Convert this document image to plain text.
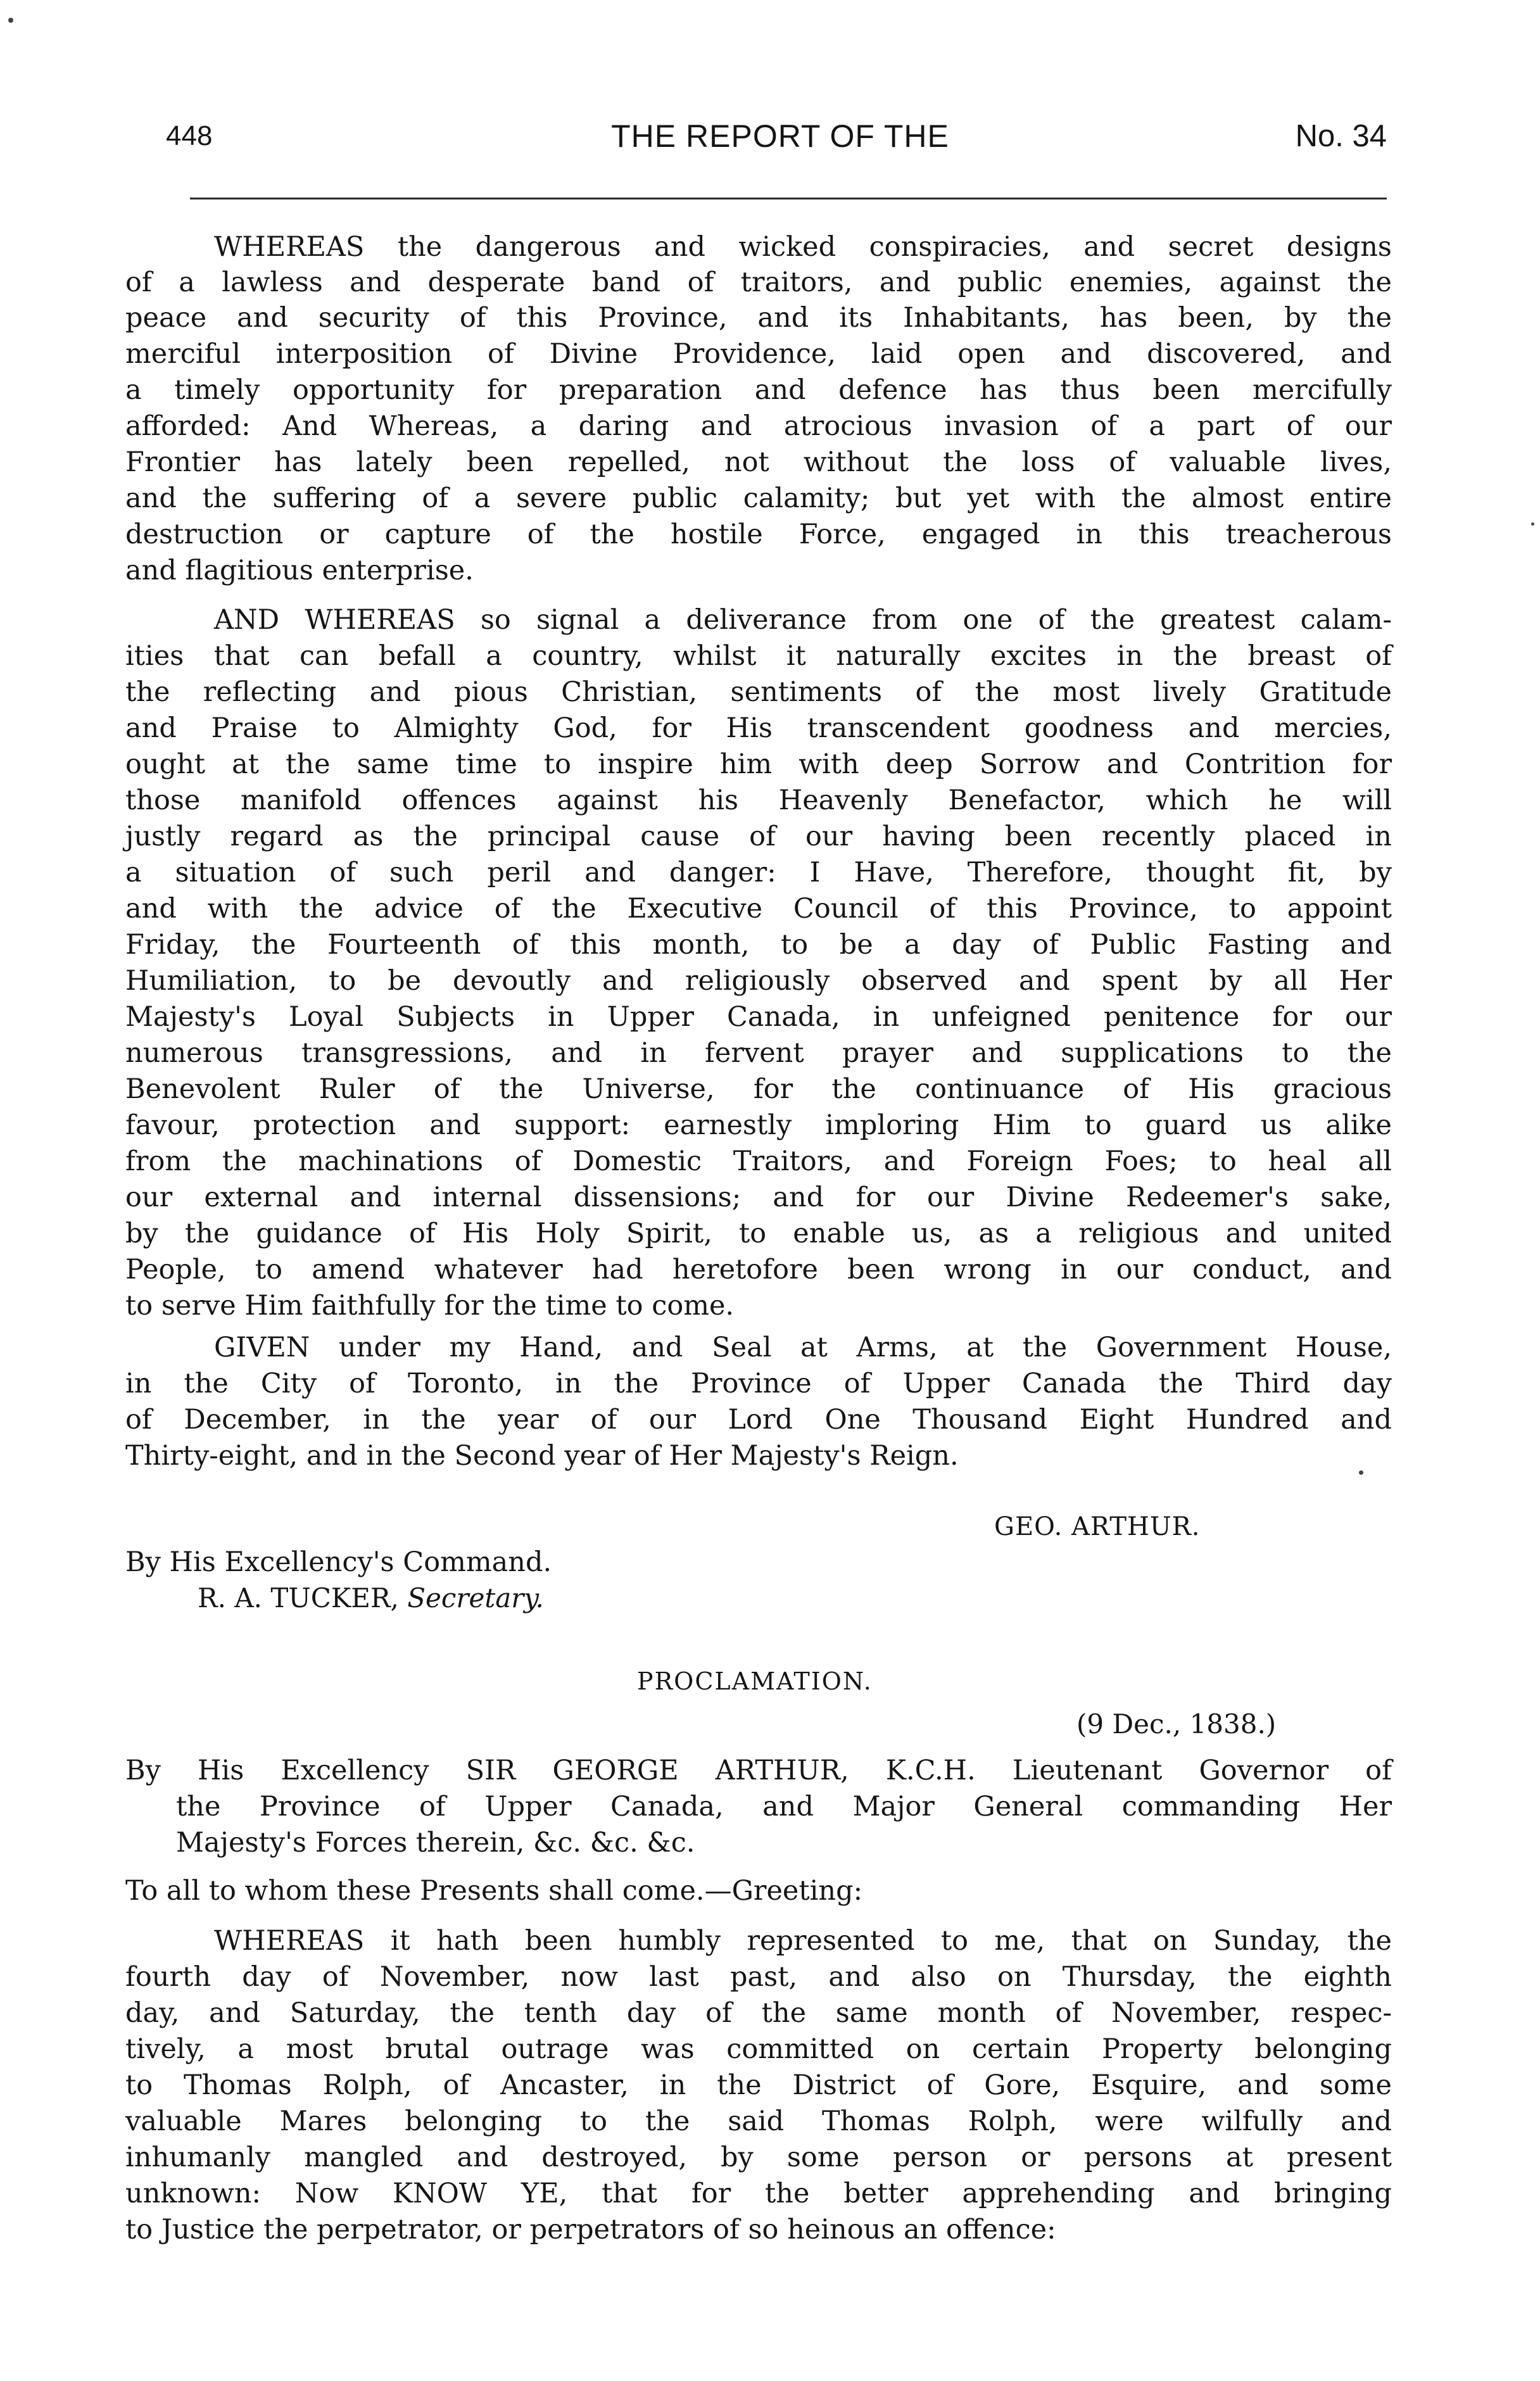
448	THE REPORT OF THE	No. 34
WHEREAS the dangerous and wicked conspiracies, and secret designs
of a lawless and desperate band of traitors, and public enemies, against the
peace and security of this Province, and its Inhabitants, has been, by the
merciful interposition of Divine Providence, laid open and discovered, and
a timely opportunity for preparation and defence has thus been mercifully
afforded: And Whereas, a daring and atrocious invasion of a part of our
Frontier has lately been repelled, not without the loss of valuable lives,
and the suffering of a severe public calamity; but yet with the almost entire
destruction or capture of the hostile Force, engaged in this treacherous
and flagitious enterprise.
AND WHEREAS so signal a deliverance from one of the greatest calam-
ities that can befall a country, whilst it naturally excites in the breast of
the reflecting and pious Christian, sentiments of the most lively Gratitude
and Praise to Almighty God, for His transcendent goodness and mercies,
ought at the same time to inspire him with deep Sorrow and Contrition for
those manifold offences against his Heavenly Benefactor, which he will
justly regard as the principal cause of our having been recently placed in
a situation of such peril and danger: I Have, Therefore, thought fit, by
and with the advice of the Executive Council of this Province, to appoint
Friday, the Fourteenth of this month, to be a day of Public Fasting and
Humiliation, to be devoutly and religiously observed and spent by all Her
Majesty's Loyal Subjects in Upper Canada, in unfeigned penitence for our
numerous transgressions, and in fervent prayer and supplications to the
Benevolent Ruler of the Universe, for the continuance of His gracious
favour, protection and support: earnestly imploring Him to guard us alike
from the machinations of Domestic Traitors, and Foreign Foes; to heal all
our external and internal dissensions; and for our Divine Redeemer's sake,
by the guidance of His Holy Spirit, to enable us, as a religious and united
People, to amend whatever had heretofore been wrong in our conduct, and
to serve Him faithfully for the time to come.
GIVEN under my Hand, and Seal at Arms, at the Government House,
in the City of Toronto, in the Province of Upper Canada the Third day
of December, in the year of our Lord One Thousand Eight Hundred and
Thirty-eight, and in the Second year of Her Majesty's Reign.
GEO. ARTHUR.
By His Excellency's Command.
R. A. TUCKER, Secretary.
PROCLAMATION.
(9 Dec., 1838.)
By His Excellency SIR GEORGE ARTHUR, K.C.H. Lieutenant Governor of
the Province of Upper Canada, and Major General commanding Her
Majesty's Forces therein, &c. &c. &c.
To all to whom these Presents shall come.—Greeting:
WHEREAS it hath been humbly represented to me, that on Sunday, the
fourth day of November, now last past, and also on Thursday, the eighth
day, and Saturday, the tenth day of the same month of November, respec-
tively, a most brutal outrage was committed on certain Property belonging
to Thomas Rolph, of Ancaster, in the District of Gore, Esquire, and some
valuable Mares belonging to the said Thomas Rolph, were wilfully and
inhumanly mangled and destroyed, by some person or persons at present
unknown: Now KNOW YE, that for the better apprehending and bringing
to Justice the perpetrator, or perpetrators of so heinous an offence:
